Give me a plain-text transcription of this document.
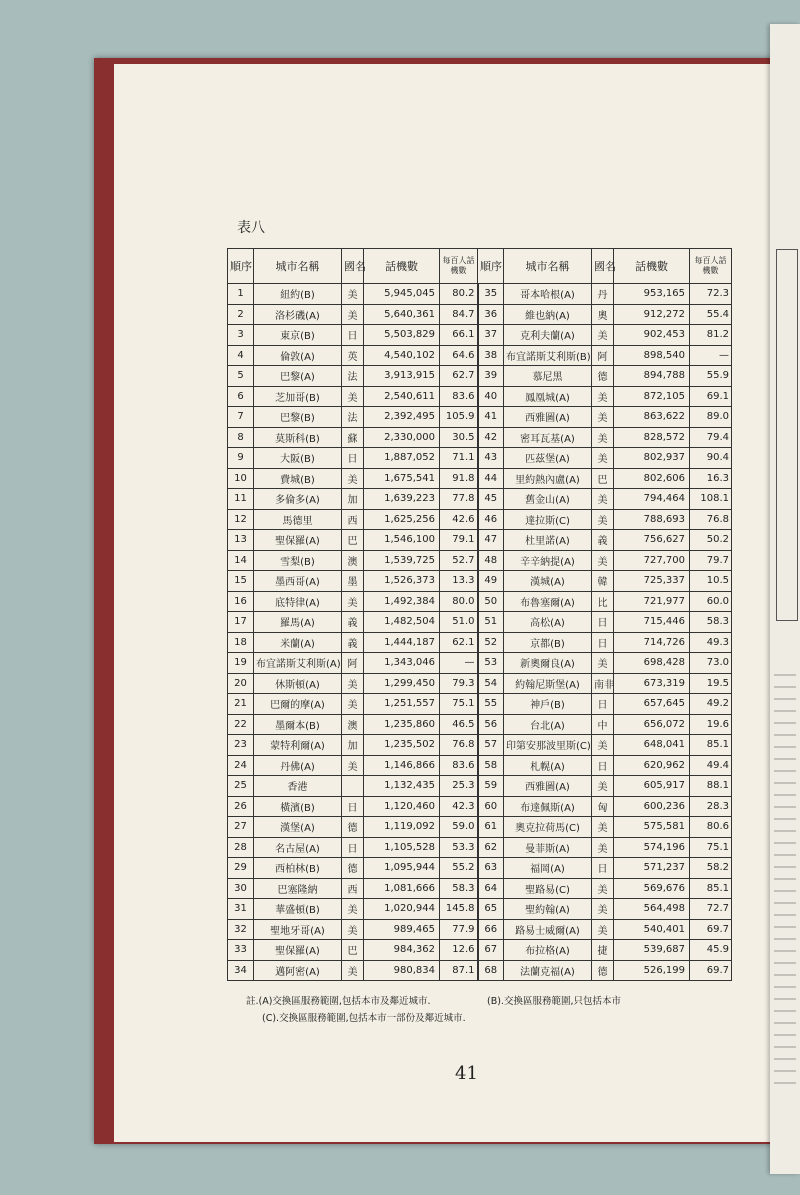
表八
順序	城市名稱	國名	話機數	每百人話機數	順序	城市名稱	國名	話機數	每百人話機數
1	紐約(B)	美	5,945,045	80.2	35	哥本哈根(A)	丹	953,165	72.3
2	洛杉磯(A)	美	5,640,361	84.7	36	維也納(A)	奧	912,272	55.4
3	東京(B)	日	5,503,829	66.1	37	克利夫蘭(A)	美	902,453	81.2
4	倫敦(A)	英	4,540,102	64.6	38	布宜諾斯艾利斯(B)	阿	898,540	—
5	巴黎(A)	法	3,913,915	62.7	39	慕尼黑	德	894,788	55.9
6	芝加哥(B)	美	2,540,611	83.6	40	鳳凰城(A)	美	872,105	69.1
7	巴黎(B)	法	2,392,495	105.9	41	西雅圖(A)	美	863,622	89.0
8	莫斯科(B)	蘇	2,330,000	30.5	42	密耳瓦基(A)	美	828,572	79.4
9	大阪(B)	日	1,887,052	71.1	43	匹茲堡(A)	美	802,937	90.4
10	費城(B)	美	1,675,541	91.8	44	里約熱內盧(A)	巴	802,606	16.3
11	多倫多(A)	加	1,639,223	77.8	45	舊金山(A)	美	794,464	108.1
12	馬德里	西	1,625,256	42.6	46	達拉斯(C)	美	788,693	76.8
13	聖保羅(A)	巴	1,546,100	79.1	47	杜里諾(A)	義	756,627	50.2
14	雪梨(B)	澳	1,539,725	52.7	48	辛辛納提(A)	美	727,700	79.7
15	墨西哥(A)	墨	1,526,373	13.3	49	漢城(A)	韓	725,337	10.5
16	底特律(A)	美	1,492,384	80.0	50	布魯塞爾(A)	比	721,977	60.0
17	羅馬(A)	義	1,482,504	51.0	51	高松(A)	日	715,446	58.3
18	米蘭(A)	義	1,444,187	62.1	52	京都(B)	日	714,726	49.3
19	布宜諾斯艾利斯(A)	阿	1,343,046	—	53	新奧爾良(A)	美	698,428	73.0
20	休斯頓(A)	美	1,299,450	79.3	54	約翰尼斯堡(A)	南非	673,319	19.5
21	巴爾的摩(A)	美	1,251,557	75.1	55	神戶(B)	日	657,645	49.2
22	墨爾本(B)	澳	1,235,860	46.5	56	台北(A)	中	656,072	19.6
23	蒙特利爾(A)	加	1,235,502	76.8	57	印第安那波里斯(C)	美	648,041	85.1
24	丹佛(A)	美	1,146,866	83.6	58	札幌(A)	日	620,962	49.4
25	香港		1,132,435	25.3	59	西雅圖(A)	美	605,917	88.1
26	橫濱(B)	日	1,120,460	42.3	60	布達佩斯(A)	匈	600,236	28.3
27	漢堡(A)	德	1,119,092	59.0	61	奧克拉荷馬(C)	美	575,581	80.6
28	名古屋(A)	日	1,105,528	53.3	62	曼菲斯(A)	美	574,196	75.1
29	西柏林(B)	德	1,095,944	55.2	63	福岡(A)	日	571,237	58.2
30	巴塞隆納	西	1,081,666	58.3	64	聖路易(C)	美	569,676	85.1
31	華盛頓(B)	美	1,020,944	145.8	65	聖約翰(A)	美	564,498	72.7
32	聖地牙哥(A)	美	989,465	77.9	66	路易士威爾(A)	美	540,401	69.7
33	聖保羅(A)	巴	984,362	12.6	67	布拉格(A)	捷	539,687	45.9
34	邁阿密(A)	美	980,834	87.1	68	法蘭克福(A)	德	526,199	69.7
註.(A)交換區服務範圍,包括本市及鄰近城市.	(B).交換區服務範圍,只包括本市
(C).交換區服務範圍,包括本市一部份及鄰近城市.
41
